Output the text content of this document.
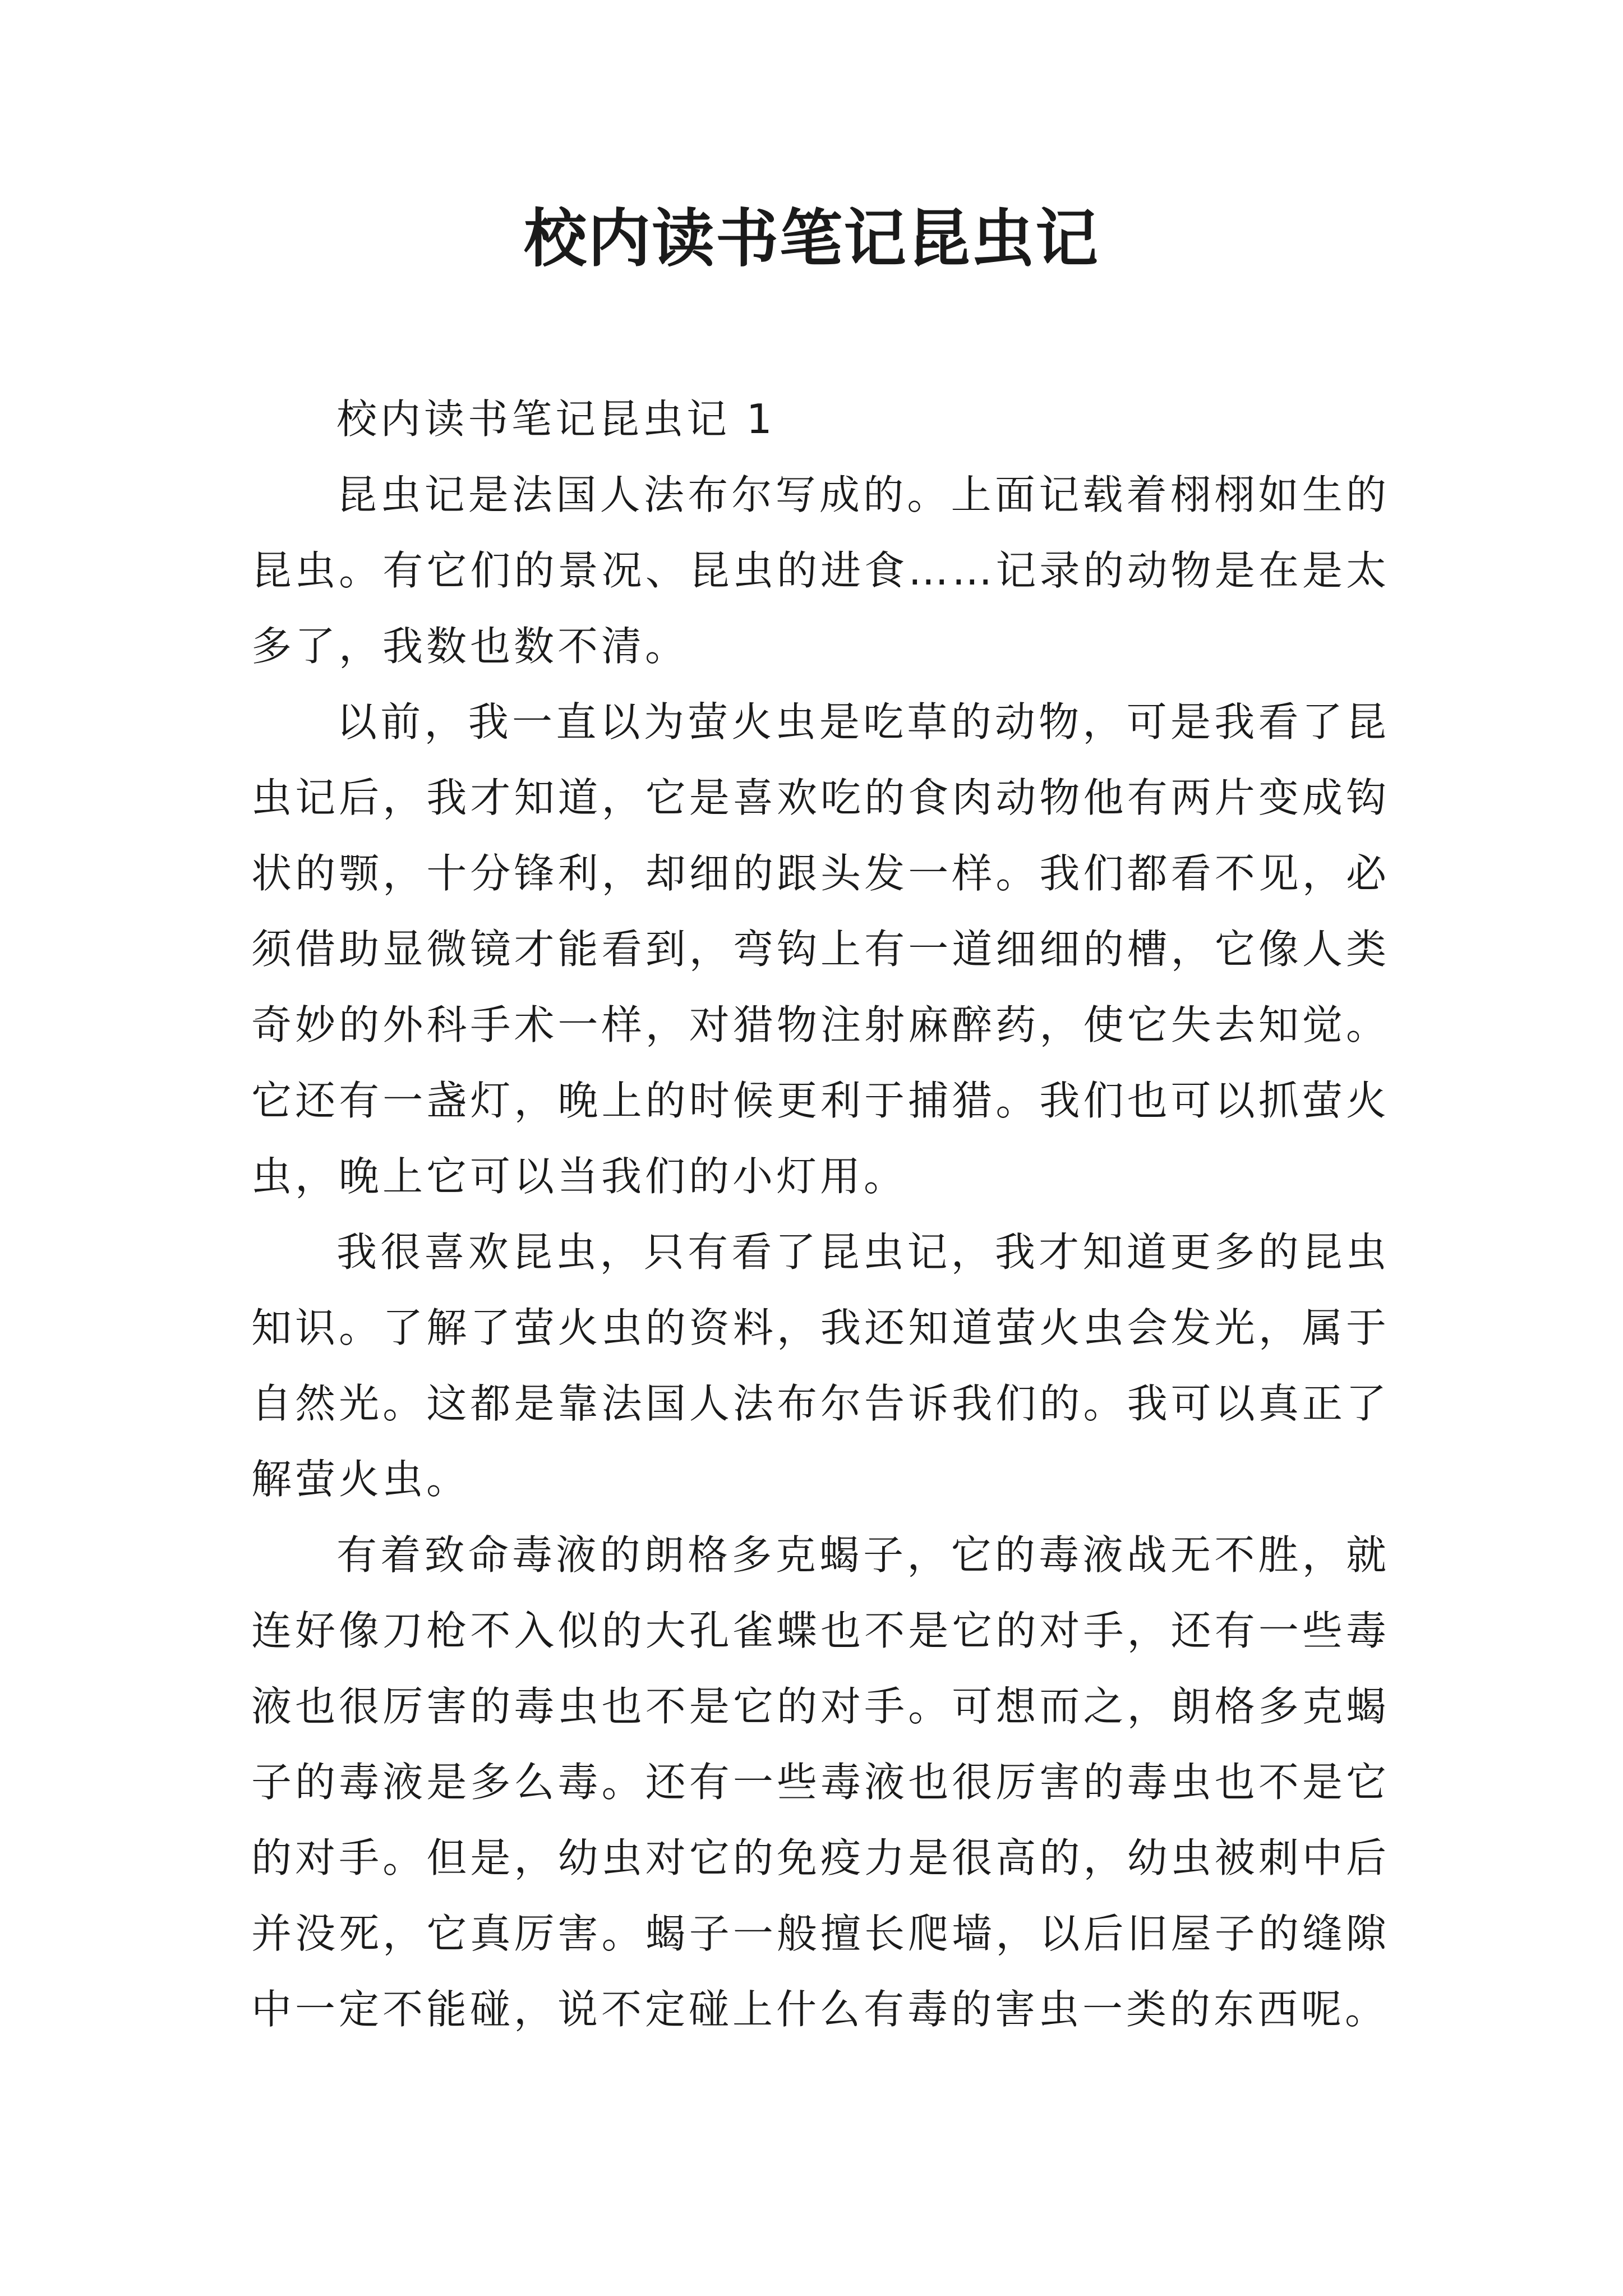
校内读书笔记昆虫记

校内读书笔记昆虫记 1

昆虫记是法国人法布尔写成的。上面记载着栩栩如生的昆虫。有它们的景况、昆虫的进食……记录的动物是在是太多了，我数也数不清。

以前，我一直以为萤火虫是吃草的动物，可是我看了昆虫记后，我才知道，它是喜欢吃的食肉动物他有两片变成钩状的颚，十分锋利，却细的跟头发一样。我们都看不见，必须借助显微镜才能看到，弯钩上有一道细细的槽，它像人类奇妙的外科手术一样，对猎物注射麻醉药，使它失去知觉。它还有一盏灯，晚上的时候更利于捕猎。我们也可以抓萤火虫，晚上它可以当我们的小灯用。

我很喜欢昆虫，只有看了昆虫记，我才知道更多的昆虫知识。了解了萤火虫的资料，我还知道萤火虫会发光，属于自然光。这都是靠法国人法布尔告诉我们的。我可以真正了解萤火虫。

有着致命毒液的朗格多克蝎子，它的毒液战无不胜，就连好像刀枪不入似的大孔雀蝶也不是它的对手，还有一些毒液也很厉害的毒虫也不是它的对手。可想而之，朗格多克蝎子的毒液是多么毒。还有一些毒液也很厉害的毒虫也不是它的对手。但是，幼虫对它的免疫力是很高的，幼虫被刺中后并没死，它真厉害。蝎子一般擅长爬墙，以后旧屋子的缝隙中一定不能碰，说不定碰上什么有毒的害虫一类的东西呢。
